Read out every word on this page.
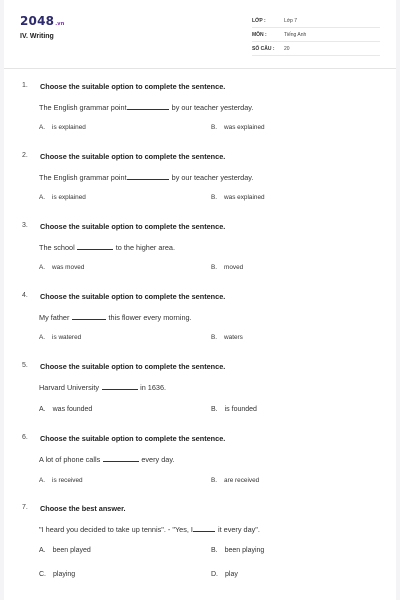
2048.vn
IV. Writing
LỚP :	Lớp 7
MÔN :	Tiếng Anh
SỐ CÂU : 20
1. Choose the suitable option to complete the sentence.
The English grammar point	by our teacher yesterday.
A. is explained	B. was explained
2. Choose the suitable option to complete the sentence.
The English grammar point	by our teacher yesterday.
A. is explained	B. was explained
3. Choose the suitable option to complete the sentence.
The school	to the higher area.
A. was moved	B. moved
4. Choose the suitable option to complete the sentence.
My father	this flower every morning.
A. is watered	B. waters
5. Choose the suitable option to complete the sentence.
Harvard University	in 1636.
A. was founded	B. is founded
6. Choose the suitable option to complete the sentence.
A lot of phone calls	every day.
A. is received	B. are received
7. Choose the best answer.
"I heard you decided to take up tennis". - "Yes, I	it every day".
A. been played	B. been playing
C. playing	D. play
